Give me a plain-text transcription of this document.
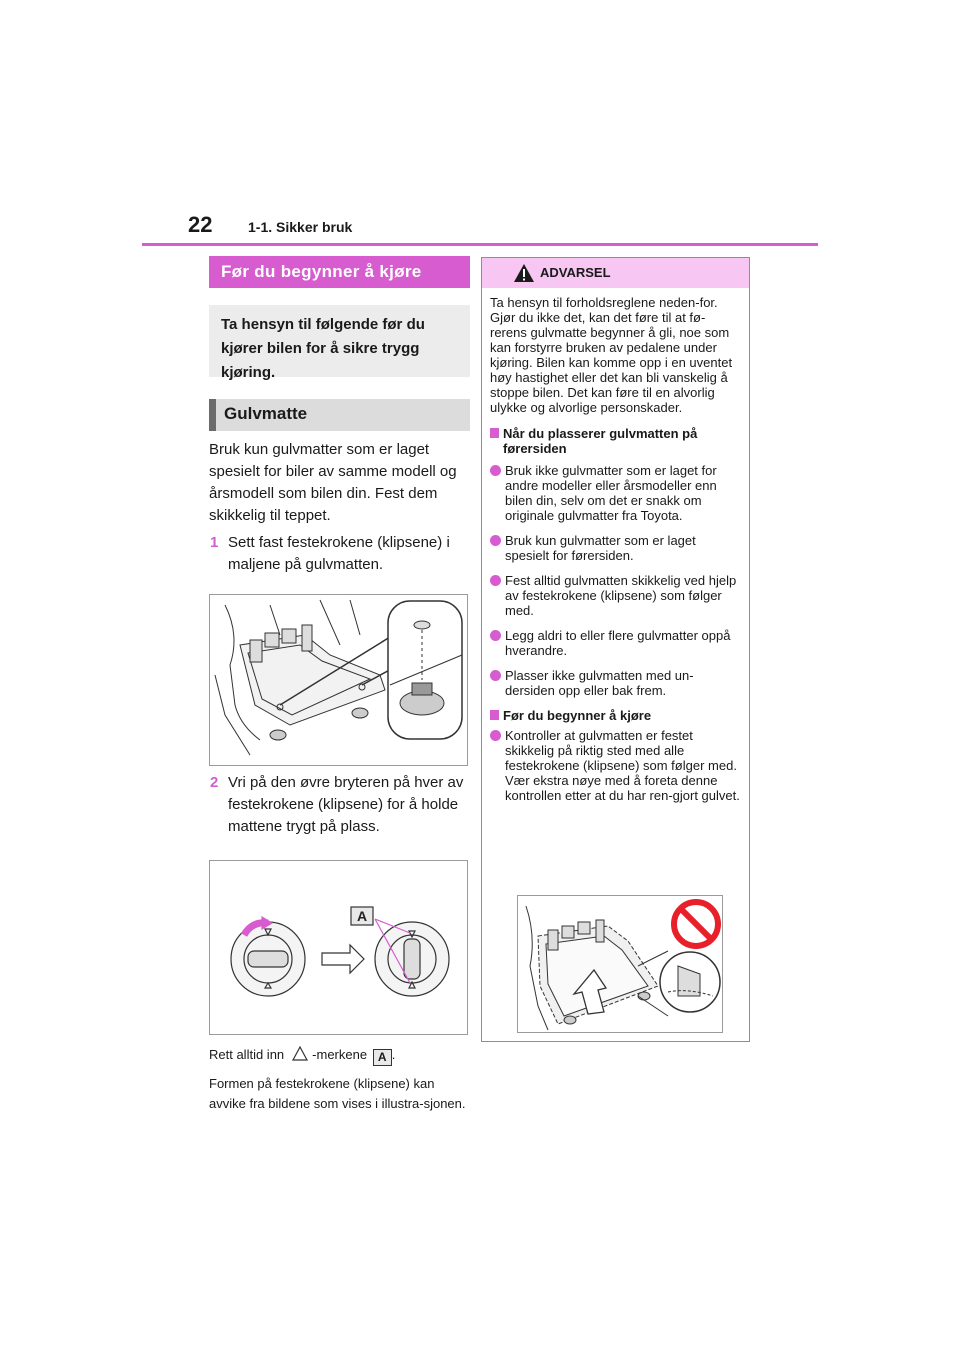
22	1-1. Sikker bruk
Før du begynner å kjøre
Ta hensyn til følgende før du kjører bilen for å sikre trygg kjøring.
Gulvmatte

Bruk kun gulvmatter som er laget spesielt for biler av samme modell og årsmodell som bilen din. Fest dem skikkelig til teppet.

1 Sett fast festekrokene (klipsene) i maljene på gulvmatten.
2 Vri på den øvre bryteren på hver av festekrokene (klipsene) for å holde mattene trygt på plass.
A

Rett alltid inn -merkene A .

Formen på festekrokene (klipsene) kan avvike fra bildene som vises i illustra-sjonen.

ADVARSEL

Ta hensyn til forholdsreglene neden-for.
Gjør du ikke det, kan det føre til at fø-rerens gulvmatte begynner å gli, noe som kan forstyrre bruken av pedalene under kjøring. Bilen kan komme opp i en uventet høy hastighet eller det kan bli vanskelig å stoppe bilen. Det kan føre til en alvorlig ulykke og alvorlige personskader.

Når du plasserer gulvmatten på førersiden
Bruk ikke gulvmatter som er laget for andre modeller eller årsmodeller enn bilen din, selv om det er snakk om originale gulvmatter fra Toyota.
Bruk kun gulvmatter som er laget spesielt for førersiden.
Fest alltid gulvmatten skikkelig ved hjelp av festekrokene (klipsene) som følger med.
Legg aldri to eller flere gulvmatter oppå hverandre.
Plasser ikke gulvmatten med un-dersiden opp eller bak frem.
Før du begynner å kjøre
Kontroller at gulvmatten er festet skikkelig på riktig sted med alle festekrokene (klipsene) som følger med. Vær ekstra nøye med å foreta denne kontrollen etter at du har ren-gjort gulvet.
